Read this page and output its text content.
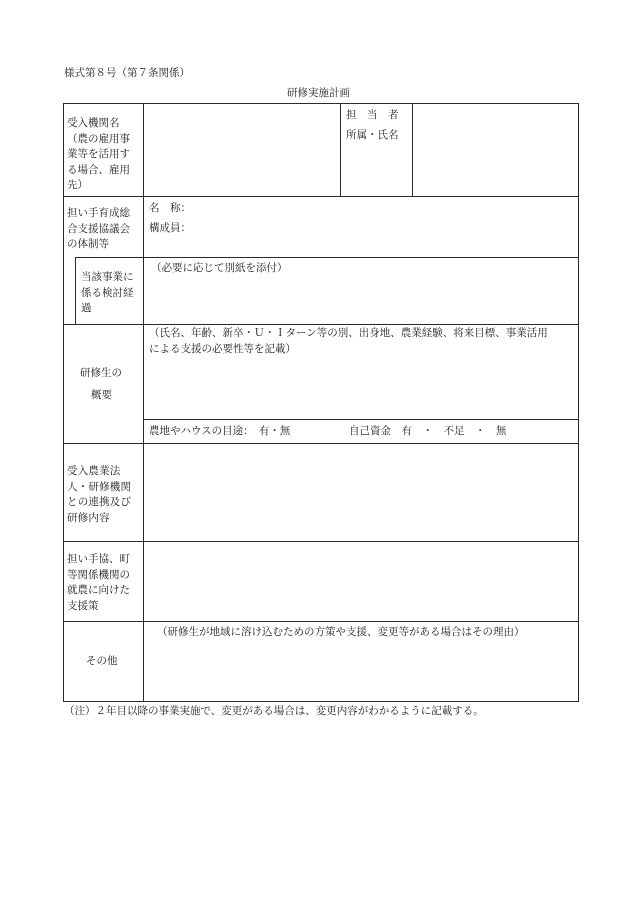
様式第８号（第７条関係）
研修実施計画
受入機関名
（農の雇用事
業等を活用す
る場合、雇用
先）
担　当　者
所属・氏名
担い手育成総
合支援協議会
の体制等
名　称：
構成員：
当該事業に
係る検討経
過
（必要に応じて別紙を添付）
研修生の
概要
（氏名、年齢、新卒・Ｕ・Ｉターン等の別、出身地、農業経験、将来目標、事業活用
による支援の必要性等を記載）
農地やハウスの目途：　有・無	自己資金　有　・　不足　・　無
受入農業法
人・研修機関
との連携及び
研修内容
担い手協、町
等関係機関の
就農に向けた
支援策
その他
（研修生が地域に溶け込むための方策や支援、変更等がある場合はその理由）
（注）２年目以降の事業実施で、変更がある場合は、変更内容がわかるように記載する。
